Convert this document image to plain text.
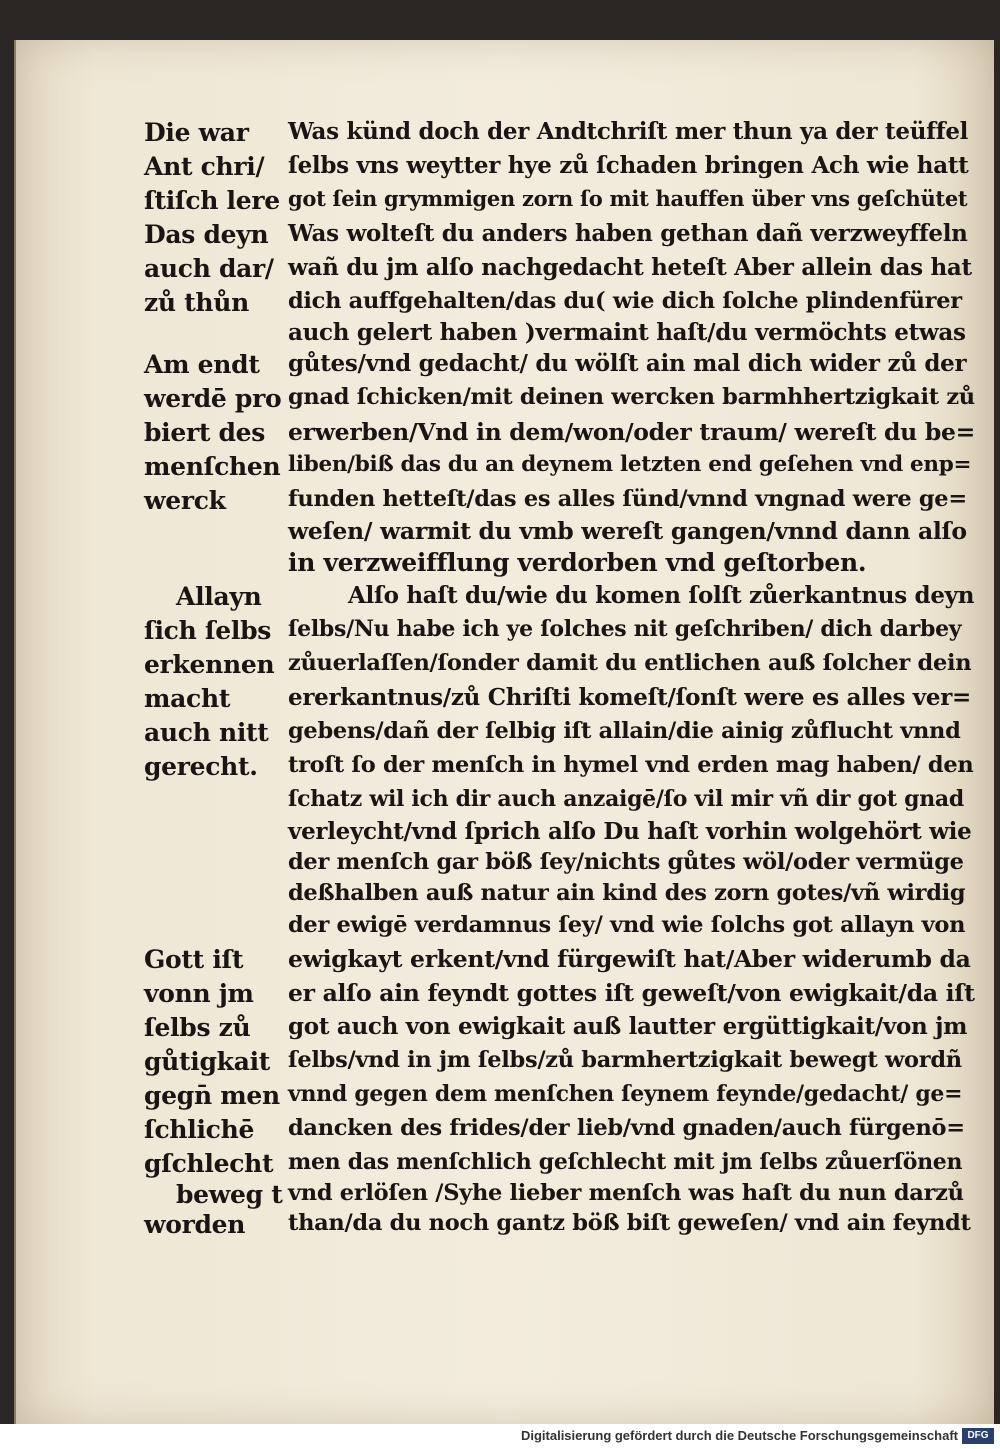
Die war
Ant chri/
ſtiſch lere
Das deyn
auch dar/
zů thůn
Am endt
werdē pro
biert des
menſchen
werck
Allayn
ſich ſelbs
erkennen
macht
auch nitt
gerecht.
Gott iſt
vonn jm
ſelbs zů
gůtigkait
gegn̄ men
ſchlichē
gſchlecht
beweg t
worden
Was künd doch der Andtchriſt mer thun ya der teüffel
ſelbs vns weytter hye zů ſchaden bringen Ach wie hatt
got ſein grymmigen zorn ſo mit hauffen über vns geſchütet
Was wolteſt du anders haben gethan dañ verzweyffeln
wañ du jm alſo nachgedacht heteſt Aber allein das hat
dich auffgehalten/das du( wie dich ſolche plindenfürer
auch gelert haben )vermaint haſt/du vermöchts etwas
gůtes/vnd gedacht/ du wölſt ain mal dich wider zů der
gnad ſchicken/mit deinen wercken barmhhertzigkait zů
erwerben/Vnd in dem/won/oder traum/ wereſt du be=
liben/biß das du an deynem letzten end geſehen vnd enp=
funden hetteſt/das es alles ſünd/vnnd vngnad were ge=
weſen/ warmit du vmb wereſt gangen/vnnd dann alſo
in verzweifflung verdorben vnd geſtorben.
Alſo haſt du/wie du komen ſolſt zůerkantnus deyn
ſelbs/Nu habe ich ye ſolches nit geſchriben/ dich darbey
zůuerlaſſen/ſonder damit du entlichen auß ſolcher dein
ererkantnus/zů Chriſti komeſt/ſonſt were es alles ver=
gebens/dañ der ſelbig iſt allain/die ainig zůflucht vnnd
troſt ſo der menſch in hymel vnd erden mag haben/ den
ſchatz wil ich dir auch anzaigē/ſo vil mir vñ dir got gnad
verleycht/vnd ſprich alſo Du haſt vorhin wolgehört wie
der menſch gar böß ſey/nichts gůtes wöl/oder vermüge
deßhalben auß natur ain kind des zorn gotes/vñ wirdig
der ewigē verdamnus ſey/ vnd wie ſolchs got allayn von
ewigkayt erkent/vnd fürgewiſt hat/Aber widerumb da
er alſo ain feyndt gottes iſt geweſt/von ewigkait/da iſt
got auch von ewigkait auß lautter ergüttigkait/von jm
ſelbs/vnd in jm ſelbs/zů barmhertzigkait bewegt wordñ
vnnd gegen dem menſchen ſeynem feynde/gedacht/ ge=
dancken des frides/der lieb/vnd gnaden/auch fürgenō=
men das menſchlich geſchlecht mit jm ſelbs zůuerſönen
vnd erlöſen /Syhe lieber menſch was haſt du nun darzů
than/da du noch gantz böß biſt geweſen/ vnd ain feyndt
Digitalisierung gefördert durch die Deutsche Forschungsgemeinschaft DFG
